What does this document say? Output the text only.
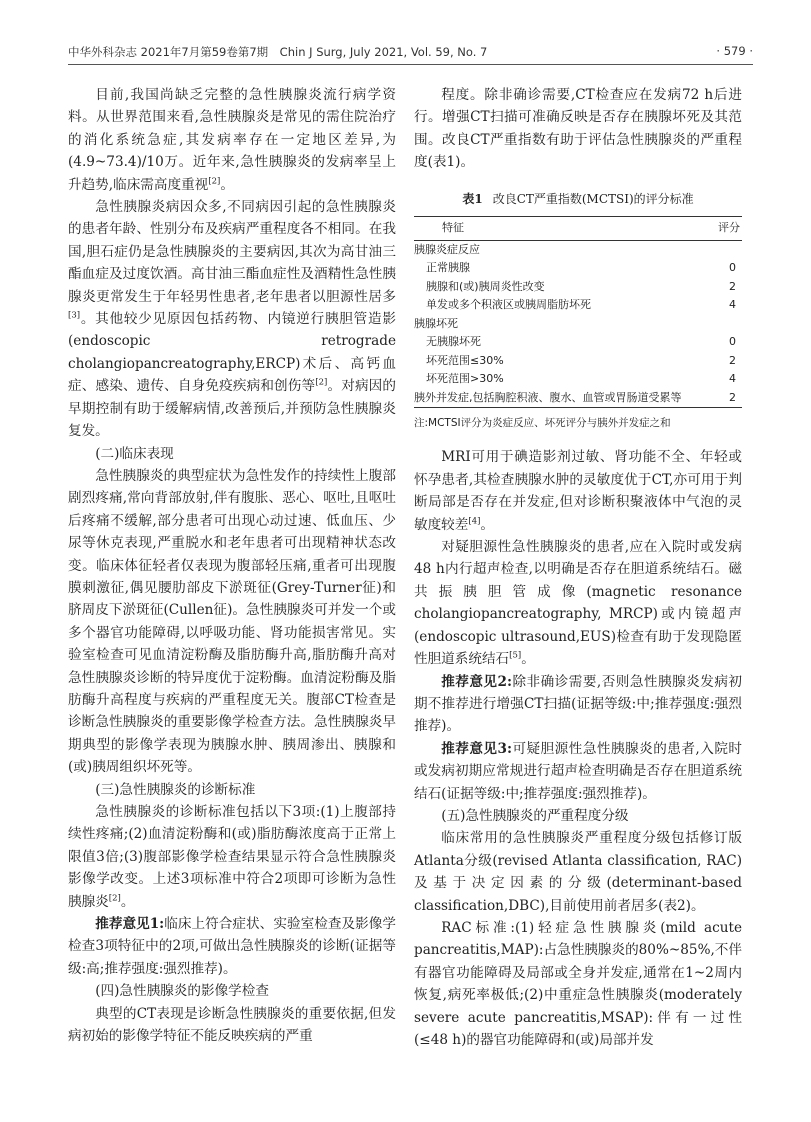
中华外科杂志 2021年7月第59卷第7期　Chin J Surg, July 2021, Vol. 59, No. 7	· 579 ·

目前,我国尚缺乏完整的急性胰腺炎流行病学资料。从世界范围来看,急性胰腺炎是常见的需住院治疗的消化系统急症,其发病率存在一定地区差异,为(4.9~73.4)/10万。近年来,急性胰腺炎的发病率呈上升趋势,临床需高度重视[2]。

急性胰腺炎病因众多,不同病因引起的急性胰腺炎的患者年龄、性别分布及疾病严重程度各不相同。在我国,胆石症仍是急性胰腺炎的主要病因,其次为高甘油三酯血症及过度饮酒。高甘油三酯血症性及酒精性急性胰腺炎更常发生于年轻男性患者,老年患者以胆源性居多[3]。其他较少见原因包括药物、内镜逆行胰胆管造影(endoscopic retrograde cholangiopancreatography,ERCP)术后、高钙血症、感染、遗传、自身免疫疾病和创伤等[2]。对病因的早期控制有助于缓解病情,改善预后,并预防急性胰腺炎复发。

(二)临床表现

急性胰腺炎的典型症状为急性发作的持续性上腹部剧烈疼痛,常向背部放射,伴有腹胀、恶心、呕吐,且呕吐后疼痛不缓解,部分患者可出现心动过速、低血压、少尿等休克表现,严重脱水和老年患者可出现精神状态改变。临床体征轻者仅表现为腹部轻压痛,重者可出现腹膜刺激征,偶见腰肋部皮下淤斑征(Grey-Turner征)和脐周皮下淤斑征(Cullen征)。急性胰腺炎可并发一个或多个器官功能障碍,以呼吸功能、肾功能损害常见。实验室检查可见血清淀粉酶及脂肪酶升高,脂肪酶升高对急性胰腺炎诊断的特异度优于淀粉酶。血清淀粉酶及脂肪酶升高程度与疾病的严重程度无关。腹部CT检查是诊断急性胰腺炎的重要影像学检查方法。急性胰腺炎早期典型的影像学表现为胰腺水肿、胰周渗出、胰腺和(或)胰周组织坏死等。

(三)急性胰腺炎的诊断标准

急性胰腺炎的诊断标准包括以下3项:(1)上腹部持续性疼痛;(2)血清淀粉酶和(或)脂肪酶浓度高于正常上限值3倍;(3)腹部影像学检查结果显示符合急性胰腺炎影像学改变。上述3项标准中符合2项即可诊断为急性胰腺炎[2]。

推荐意见1:临床上符合症状、实验室检查及影像学检查3项特征中的2项,可做出急性胰腺炎的诊断(证据等级:高;推荐强度:强烈推荐)。

(四)急性胰腺炎的影像学检查

典型的CT表现是诊断急性胰腺炎的重要依据,但发病初始的影像学特征不能反映疾病的严重

程度。除非确诊需要,CT检查应在发病72 h后进行。增强CT扫描可准确反映是否存在胰腺坏死及其范围。改良CT严重指数有助于评估急性胰腺炎的严重程度(表1)。

表1 改良CT严重指数(MCTSI)的评分标准
特征	评分
胰腺炎症反应	
正常胰腺	0
胰腺和(或)胰周炎性改变	2
单发或多个积液区或胰周脂肪坏死	4
胰腺坏死	
无胰腺坏死	0
坏死范围≤30%	2
坏死范围>30%	4
胰外并发症,包括胸腔积液、腹水、血管或胃肠道受累等	2
注:MCTSI评分为炎症反应、坏死评分与胰外并发症之和

MRI可用于碘造影剂过敏、肾功能不全、年轻或怀孕患者,其检查胰腺水肿的灵敏度优于CT,亦可用于判断局部是否存在并发症,但对诊断积聚液体中气泡的灵敏度较差[4]。

对疑胆源性急性胰腺炎的患者,应在入院时或发病48 h内行超声检查,以明确是否存在胆道系统结石。磁共振胰胆管成像(magnetic resonance cholangiopancreatography, MRCP)或内镜超声(endoscopic ultrasound,EUS)检查有助于发现隐匿性胆道系统结石[5]。

推荐意见2:除非确诊需要,否则急性胰腺炎发病初期不推荐进行增强CT扫描(证据等级:中;推荐强度:强烈推荐)。

推荐意见3:可疑胆源性急性胰腺炎的患者,入院时或发病初期应常规进行超声检查明确是否存在胆道系统结石(证据等级:中;推荐强度:强烈推荐)。

(五)急性胰腺炎的严重程度分级

临床常用的急性胰腺炎严重程度分级包括修订版Atlanta分级(revised Atlanta classification, RAC)及基于决定因素的分级(determinant-based classification,DBC),目前使用前者居多(表2)。

RAC标准:(1)轻症急性胰腺炎(mild acute pancreatitis,MAP):占急性胰腺炎的80%~85%,不伴有器官功能障碍及局部或全身并发症,通常在1~2周内恢复,病死率极低;(2)中重症急性胰腺炎(moderately severe acute pancreatitis,MSAP):伴有一过性(≤48 h)的器官功能障碍和(或)局部并发
